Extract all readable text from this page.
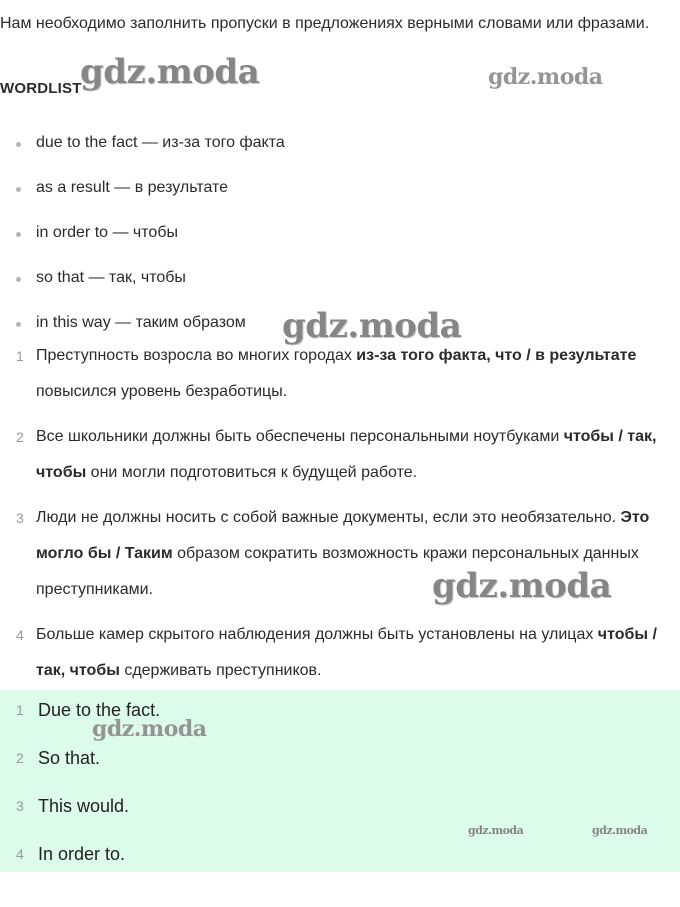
Нам необходимо заполнить пропуски в предложениях верными словами или фразами.

WORDLIST
due to the fact — из-за того факта
as a result — в результате
in order to — чтобы
so that — так, чтобы
in this way — таким образом
1 Преступность возросла во многих городах из-за того факта, что / в результате повысился уровень безработицы.
2 Все школьники должны быть обеспечены персональными ноутбуками чтобы / так, чтобы они могли подготовиться к будущей работе.
3 Люди не должны носить с собой важные документы, если это необязательно. Это могло бы / Таким образом сократить возможность кражи персональных данных преступниками.
4 Больше камер скрытого наблюдения должны быть установлены на улицах чтобы / так, чтобы сдерживать преступников.
1 Due to the fact.
2 So that.
3 This would.
4 In order to.
gdz.moda	gdz.moda
gdz.moda
gdz.moda
gdz.moda
gdz.moda	gdz.moda
